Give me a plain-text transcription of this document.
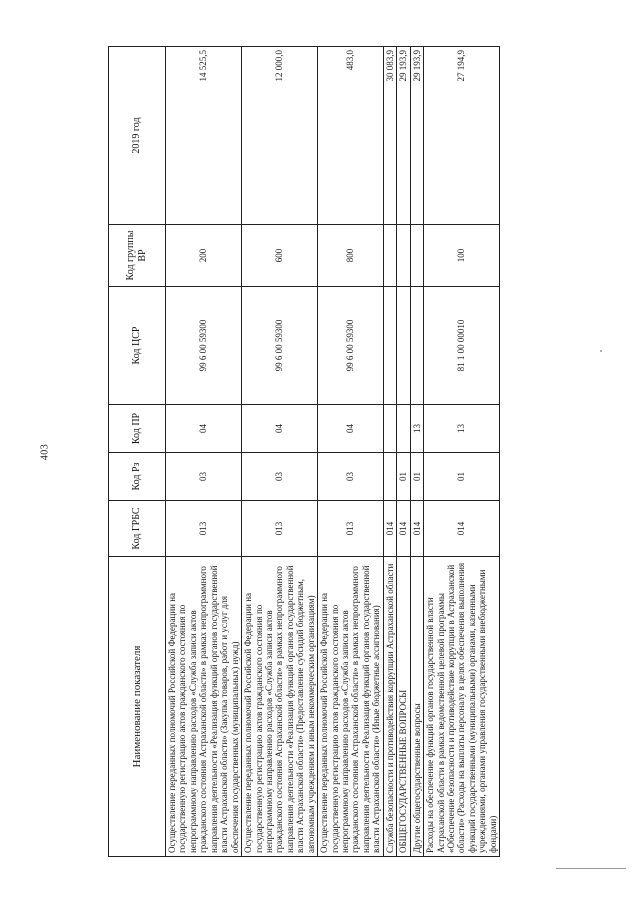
403
Наименование показателя	Код ГРБС	Код Рз	Код ПР	Код ЦСР	Код группы ВР	2019 год
Осуществление переданных полномочий Российской Федерации на государственную регистрацию актов гражданского состояния по непрограммному направлению расходов «Служба записи актов гражданского состояния Астраханской области» в рамках непрограммного направления деятельности «Реализация функций органов государственной власти Астраханской области» (Закупка товаров, работ и услуг для обеспечения государственных (муниципальных) нужд)	013	03	04	99 6 00 59300	200	14 525,5
Осуществление переданных полномочий Российской Федерации на государственную регистрацию актов гражданского состояния по непрограммному направлению расходов «Служба записи актов гражданского состояния Астраханской области» в рамках непрограммного направления деятельности «Реализация функций органов государственной власти Астраханской области» (Предоставление субсидий бюджетным, автономным учреждениям и иным некоммерческим организациям)	013	03	04	99 6 00 59300	600	12 000,0
Осуществление переданных полномочий Российской Федерации на государственную регистрацию актов гражданского состояния по непрограммному направлению расходов «Служба записи актов гражданского состояния Астраханской области» в рамках непрограммного направления деятельности «Реализация функций органов государственной власти Астраханской области» (Иные бюджетные ассигнования)	013	03	04	99 6 00 59300	800	483,0
Служба безопасности и противодействия коррупции Астраханской области	014					30 083,9
ОБЩЕГОСУДАРСТВЕННЫЕ ВОПРОСЫ	014	01				29 193,9
Другие общегосударственные вопросы	014	01	13			29 193,9
Расходы на обеспечение функций органов государственной власти Астраханской области в рамках ведомственной целевой программы «Обеспечение безопасности и противодействие коррупции в Астраханской области» (Расходы на выплаты персоналу в целях обеспечения выполнения функций государственными (муниципальными) органами, казенными учреждениями, органами управления государственными внебюджетными фондами)	014	01	13	81 1 00 00010	100	27 194,9
